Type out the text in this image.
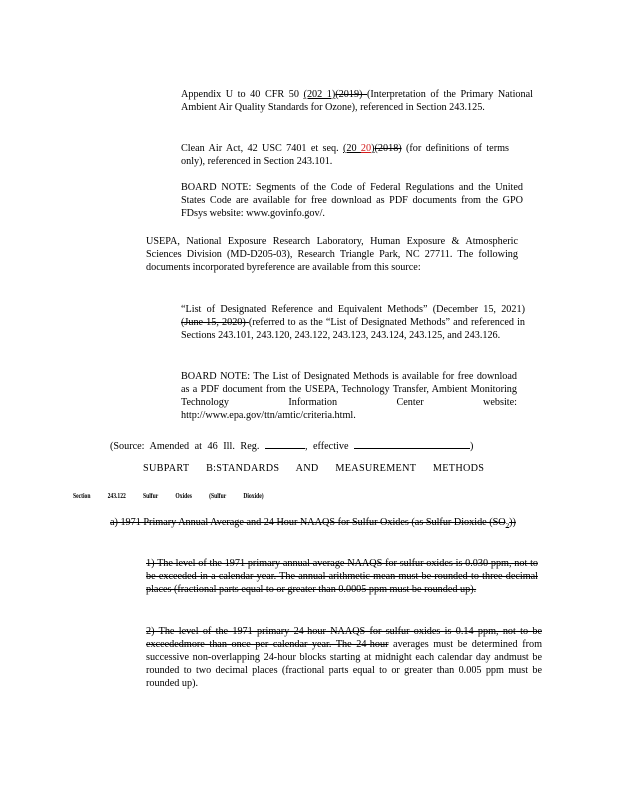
Appendix U to 40 CFR 50 (202 1)(2019) (Interpretation of the Primary National Ambient Air Quality Standards for Ozone), referenced in Section 243.125.

Clean Air Act, 42 USC 7401 et seq. (20 20)(2018) (for definitions of terms only), referenced in Section 243.101.

BOARD NOTE: Segments of the Code of Federal Regulations and the United States Code are available for free download as PDF documents from the GPO FDsys website: www.govinfo.gov/.

USEPA, National Exposure Research Laboratory, Human Exposure & Atmospheric Sciences Division (MD-D205-03), Research Triangle Park, NC 27711. The following documents incorporated byreference are available from this source:

“List of Designated Reference and Equivalent Methods” (December 15, 2021) (June 15, 2020) (referred to as the “List of Designated Methods” and referenced in Sections 243.101, 243.120, 243.122, 243.123, 243.124, 243.125, and 243.126.

BOARD NOTE: The List of Designated Methods is available for free download as a PDF document from the USEPA, Technology Transfer, Ambient Monitoring Technology Information Center website: http://www.epa.gov/ttn/amtic/criteria.html.

(Source: Amended at 46 Ill. Reg.	, effective	)
SUBPART B:STANDARDS AND MEASUREMENT METHODS
Section 243.122 Sulfur Oxides (Sulfur Dioxide)

a) 1971 Primary Annual Average and 24 Hour NAAQS for Sulfur Oxides (as Sulfur Dioxide $(SO_2)$)

1) The level of the 1971 primary annual average NAAQS for sulfur oxides is 0.030 ppm, not to be exceeded in a calendar year. The annual arithmetic mean must be rounded to three decimal places (fractional parts equal to or greater than 0.0005 ppm must be rounded up).

2) The level of the 1971 primary 24-hour NAAQS for sulfur oxides is 0.14 ppm, not to be exceededmore than once per calendar year. The 24-hour averages must be determined from successive non-overlapping 24-hour blocks starting at midnight each calendar day andmust be rounded to two decimal places (fractional parts equal to or greater than 0.005 ppm must be rounded up).
